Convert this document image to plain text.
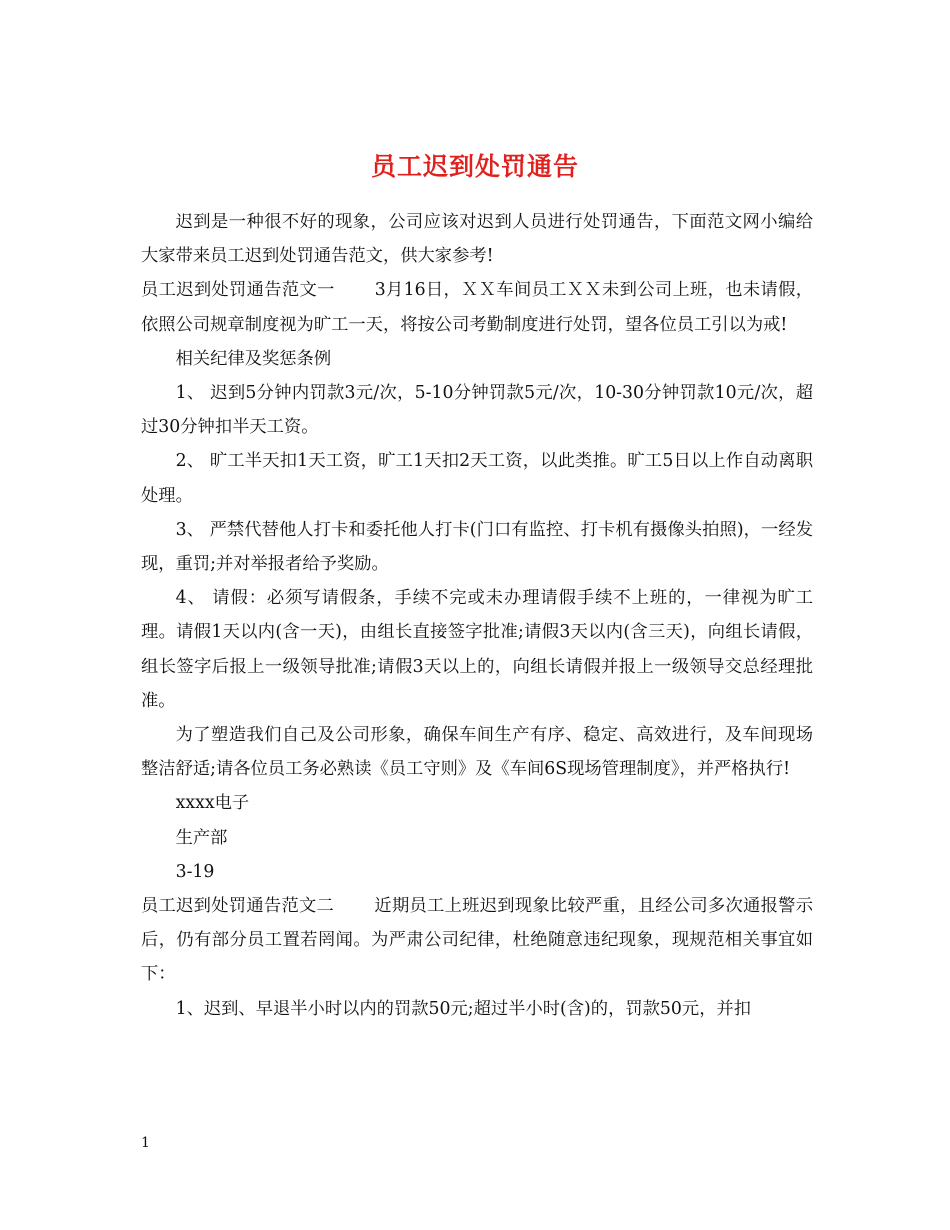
员工迟到处罚通告

迟到是一种很不好的现象，公司应该对迟到人员进行处罚通告，下面范文网小编给大家带来员工迟到处罚通告范文，供大家参考!

员工迟到处罚通告范文一 3月16日，ＸＸ车间员工ＸＸ未到公司上班，也未请假，依照公司规章制度视为旷工一天，将按公司考勤制度进行处罚，望各位员工引以为戒!

相关纪律及奖惩条例

1、 迟到5分钟内罚款3元/次，5-10分钟罚款5元/次，10-30分钟罚款10元/次，超过30分钟扣半天工资。

2、 旷工半天扣1天工资，旷工1天扣2天工资，以此类推。旷工5日以上作自动离职处理。

3、 严禁代替他人打卡和委托他人打卡(门口有监控、打卡机有摄像头拍照)，一经发现，重罚;并对举报者给予奖励。

4、 请假：必须写请假条，手续不完或未办理请假手续不上班的，一律视为旷工理。请假1天以内(含一天)，由组长直接签字批准;请假3天以内(含三天)，向组长请假，组长签字后报上一级领导批准;请假3天以上的，向组长请假并报上一级领导交总经理批准。

为了塑造我们自己及公司形象，确保车间生产有序、稳定、高效进行，及车间现场整洁舒适;请各位员工务必熟读《员工守则》及《车间6S现场管理制度》，并严格执行!

xxxx电子

生产部

3-19

员工迟到处罚通告范文二 近期员工上班迟到现象比较严重，且经公司多次通报警示后，仍有部分员工置若罔闻。为严肃公司纪律，杜绝随意违纪现象，现规范相关事宜如下：

1、迟到、早退半小时以内的罚款50元;超过半小时(含)的，罚款50元，并扣

1
